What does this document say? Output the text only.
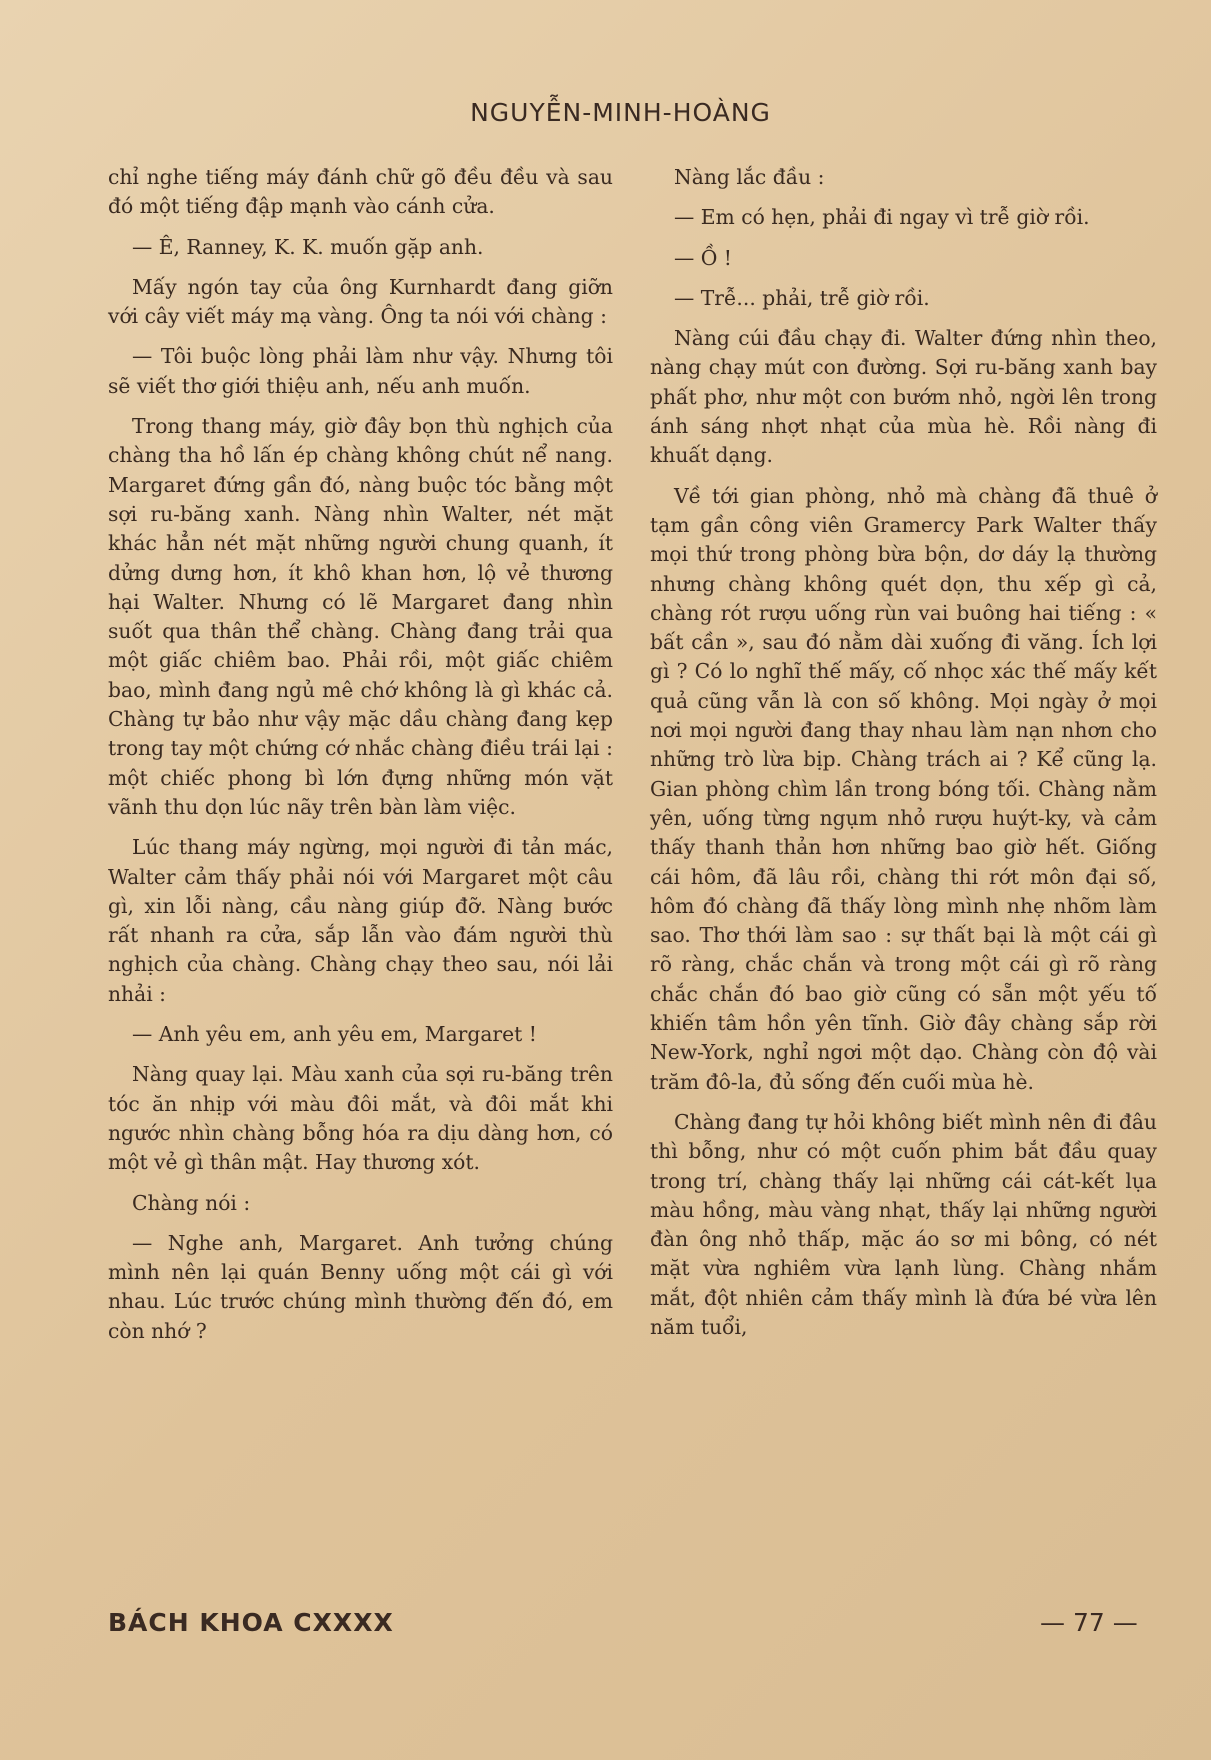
NGUYỄN-MINH-HOÀNG

chỉ nghe tiếng máy đánh chữ gõ đều đều và sau đó một tiếng đập mạnh vào cánh cửa.

— Ê, Ranney, K. K. muốn gặp anh.

Mấy ngón tay của ông Kurnhardt đang giỡn với cây viết máy mạ vàng. Ông ta nói với chàng :

— Tôi buộc lòng phải làm như vậy. Nhưng tôi sẽ viết thơ giới thiệu anh, nếu anh muốn.

Trong thang máy, giờ đây bọn thù nghịch của chàng tha hồ lấn ép chàng không chút nể nang. Margaret đứng gần đó, nàng buộc tóc bằng một sợi ru-băng xanh. Nàng nhìn Walter, nét mặt khác hẳn nét mặt những người chung quanh, ít dửng dưng hơn, ít khô khan hơn, lộ vẻ thương hại Walter. Nhưng có lẽ Margaret đang nhìn suốt qua thân thể chàng. Chàng đang trải qua một giấc chiêm bao. Phải rồi, một giấc chiêm bao, mình đang ngủ mê chớ không là gì khác cả. Chàng tự bảo như vậy mặc dầu chàng đang kẹp trong tay một chứng cớ nhắc chàng điều trái lại : một chiếc phong bì lớn đựng những món vặt vãnh thu dọn lúc nãy trên bàn làm việc.

Lúc thang máy ngừng, mọi người đi tản mác, Walter cảm thấy phải nói với Margaret một câu gì, xin lỗi nàng, cầu nàng giúp đỡ. Nàng bước rất nhanh ra cửa, sắp lẫn vào đám người thù nghịch của chàng. Chàng chạy theo sau, nói lải nhải :

— Anh yêu em, anh yêu em, Margaret !

Nàng quay lại. Màu xanh của sợi ru-băng trên tóc ăn nhịp với màu đôi mắt, và đôi mắt khi ngước nhìn chàng bỗng hóa ra dịu dàng hơn, có một vẻ gì thân mật. Hay thương xót.

Chàng nói :

— Nghe anh, Margaret. Anh tưởng chúng mình nên lại quán Benny uống một cái gì với nhau. Lúc trước chúng mình thường đến đó, em còn nhớ ?

Nàng lắc đầu :

— Em có hẹn, phải đi ngay vì trễ giờ rồi.

— Ồ !

— Trễ... phải, trễ giờ rồi.

Nàng cúi đầu chạy đi. Walter đứng nhìn theo, nàng chạy mút con đường. Sợi ru-băng xanh bay phất phơ, như một con bướm nhỏ, ngời lên trong ánh sáng nhợt nhạt của mùa hè. Rồi nàng đi khuất dạng.

Về tới gian phòng, nhỏ mà chàng đã thuê ở tạm gần công viên Gramercy Park Walter thấy mọi thứ trong phòng bừa bộn, dơ dáy lạ thường nhưng chàng không quét dọn, thu xếp gì cả, chàng rót rượu uống rùn vai buông hai tiếng : « bất cần », sau đó nằm dài xuống đi văng. Ích lợi gì ? Có lo nghĩ thế mấy, cố nhọc xác thế mấy kết quả cũng vẫn là con số không. Mọi ngày ở mọi nơi mọi người đang thay nhau làm nạn nhơn cho những trò lừa bịp. Chàng trách ai ? Kể cũng lạ. Gian phòng chìm lần trong bóng tối. Chàng nằm yên, uống từng ngụm nhỏ rượu huýt-ky, và cảm thấy thanh thản hơn những bao giờ hết. Giống cái hôm, đã lâu rồi, chàng thi rớt môn đại số, hôm đó chàng đã thấy lòng mình nhẹ nhõm làm sao. Thơ thới làm sao : sự thất bại là một cái gì rõ ràng, chắc chắn và trong một cái gì rõ ràng chắc chắn đó bao giờ cũng có sẵn một yếu tố khiến tâm hồn yên tĩnh. Giờ đây chàng sắp rời New-York, nghỉ ngơi một dạo. Chàng còn độ vài trăm đô-la, đủ sống đến cuối mùa hè.

Chàng đang tự hỏi không biết mình nên đi đâu thì bỗng, như có một cuốn phim bắt đầu quay trong trí, chàng thấy lại những cái cát-kết lụa màu hồng, màu vàng nhạt, thấy lại những người đàn ông nhỏ thấp, mặc áo sơ mi bông, có nét mặt vừa nghiêm vừa lạnh lùng. Chàng nhắm mắt, đột nhiên cảm thấy mình là đứa bé vừa lên năm tuổi,

BÁCH KHOA CXXXX	— 77 —
